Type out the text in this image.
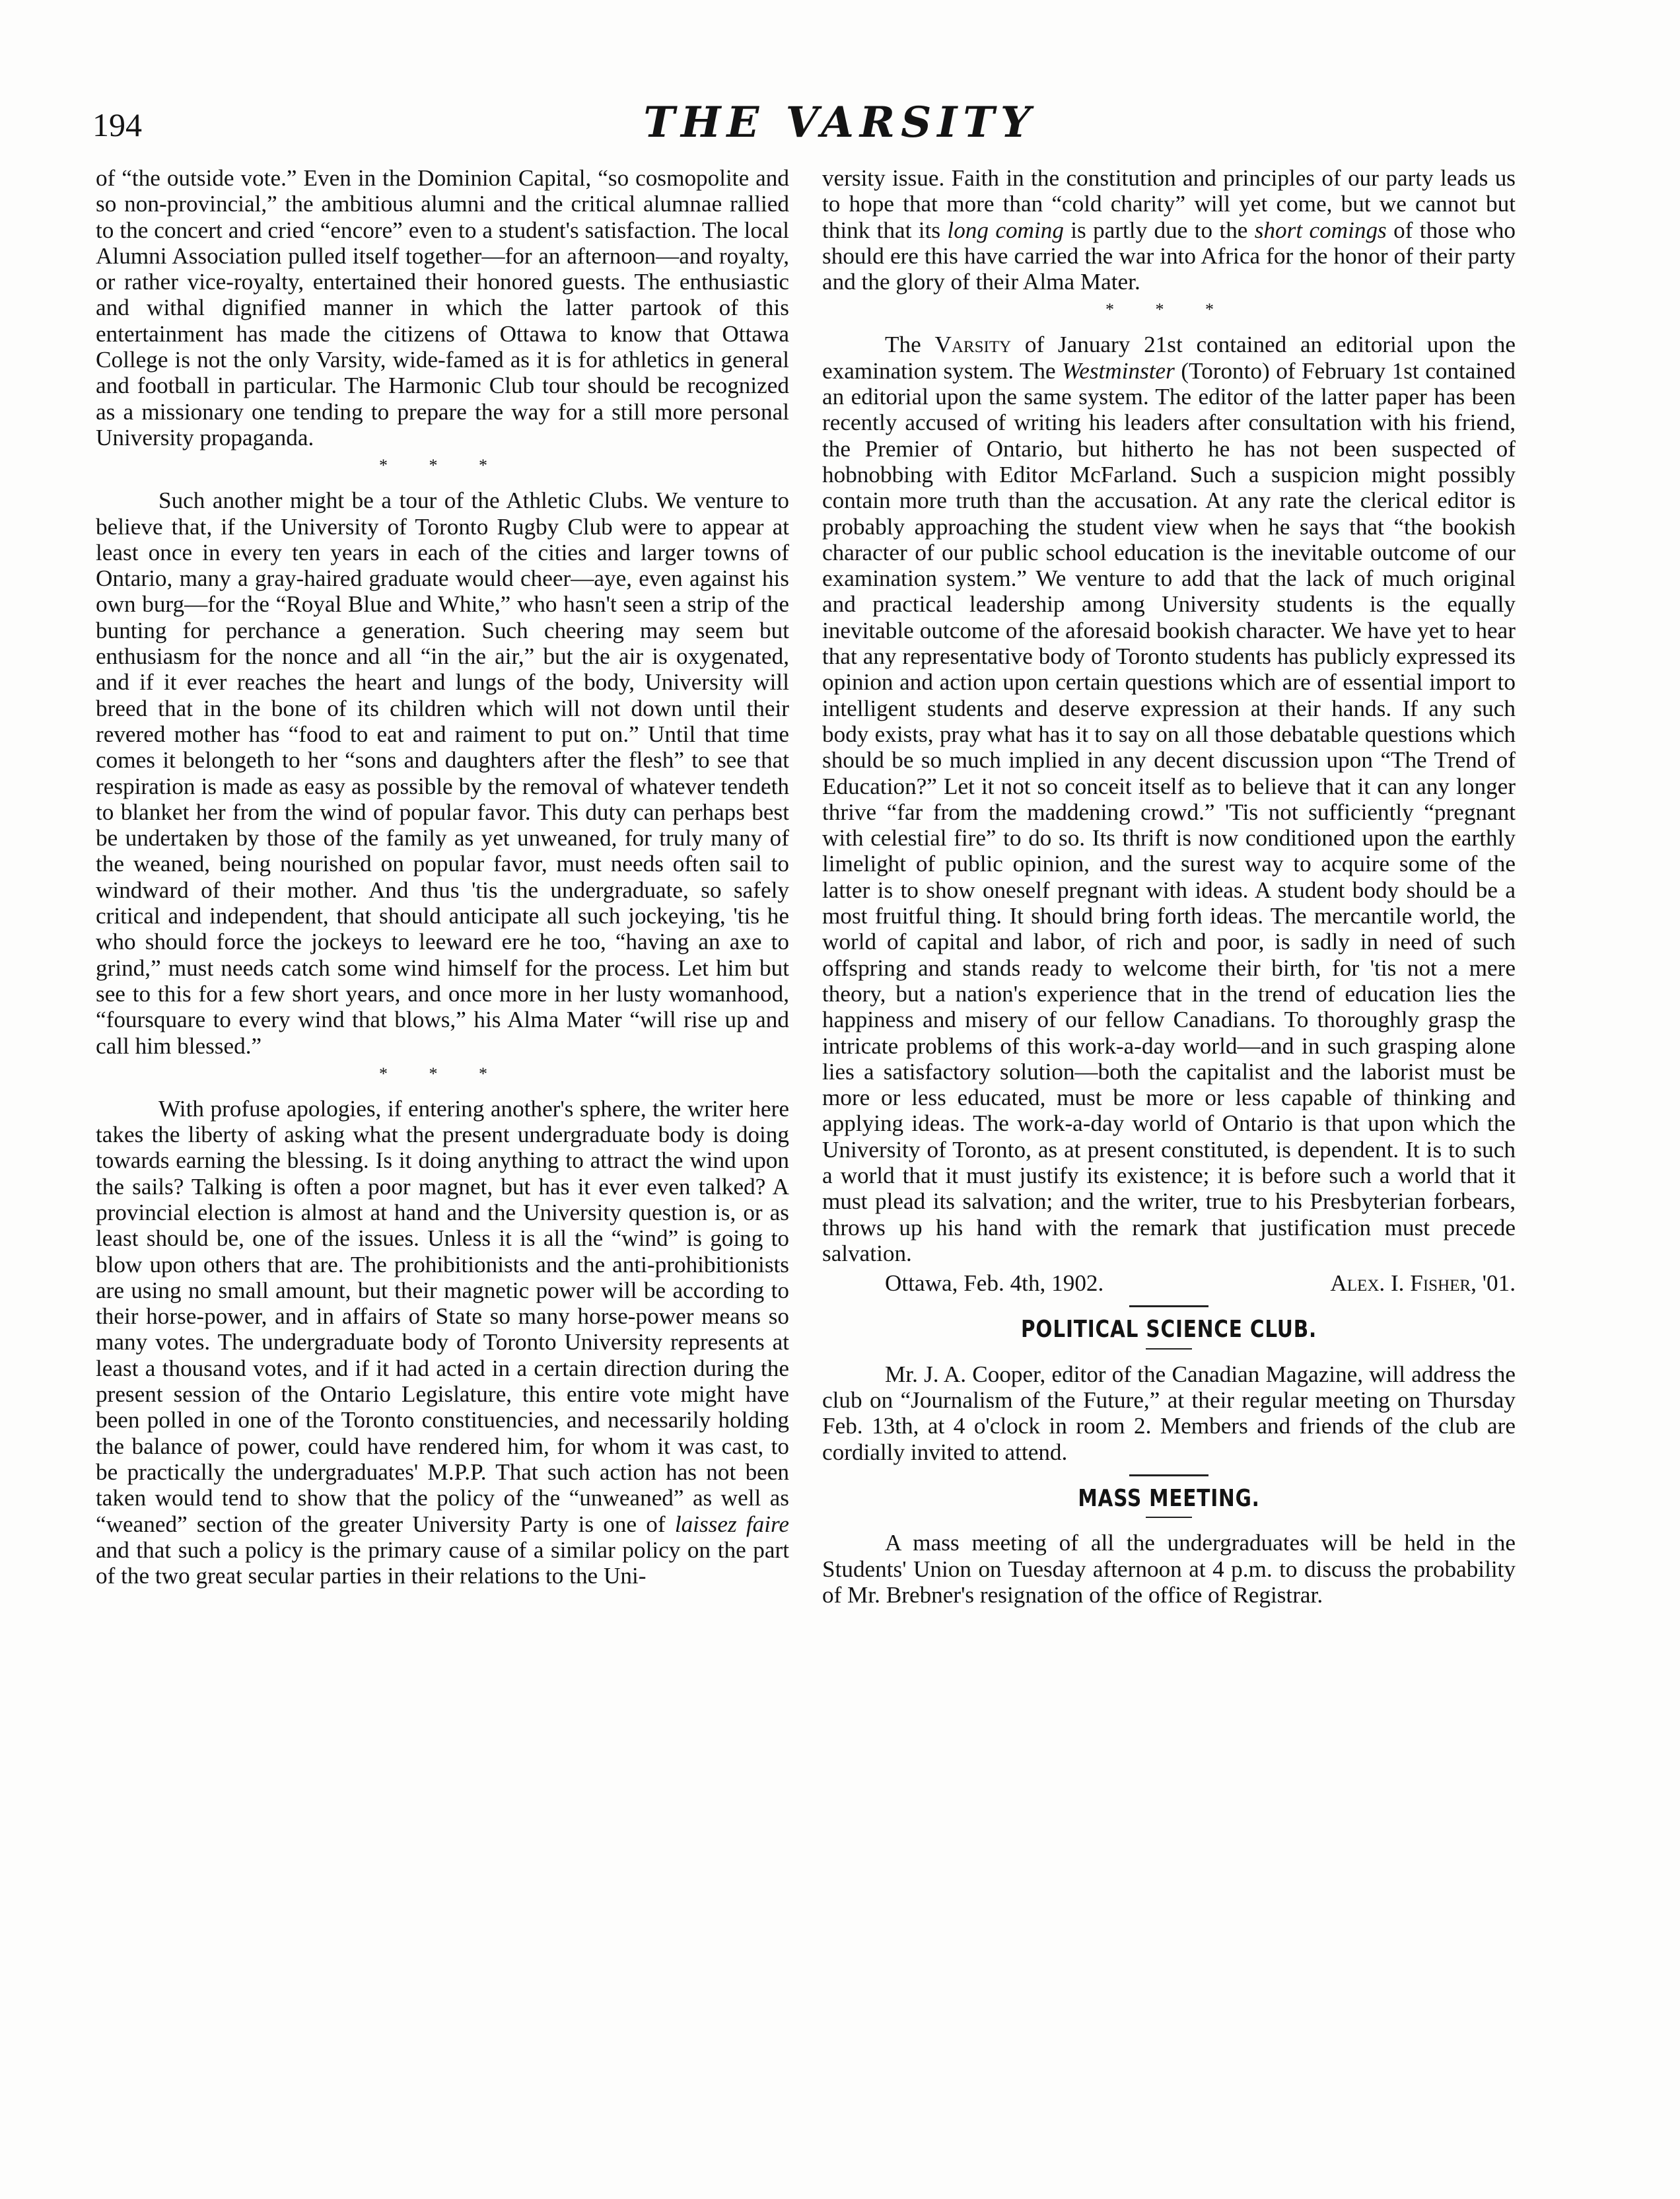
194	THE VARSITY

of “the outside vote.” Even in the Dominion Capital, “so cosmopolite and so non-provincial,” the ambitious alumni and the critical alumnae rallied to the concert and cried “encore” even to a student's satisfaction. The local Alumni Association pulled itself together—for an afternoon—and royalty, or rather vice-royalty, entertained their honored guests. The enthusiastic and withal dignified manner in which the latter partook of this entertainment has made the citizens of Ottawa to know that Ottawa College is not the only Varsity, wide-famed as it is for athletics in general and football in particular. The Harmonic Club tour should be recognized as a missionary one tending to prepare the way for a still more personal University propaganda.

* * *

Such another might be a tour of the Athletic Clubs. We venture to believe that, if the University of Toronto Rugby Club were to appear at least once in every ten years in each of the cities and larger towns of Ontario, many a gray-haired graduate would cheer—aye, even against his own burg—for the “Royal Blue and White,” who hasn't seen a strip of the bunting for perchance a generation. Such cheering may seem but enthusiasm for the nonce and all “in the air,” but the air is oxygenated, and if it ever reaches the heart and lungs of the body, University will breed that in the bone of its children which will not down until their revered mother has “food to eat and raiment to put on.” Until that time comes it belongeth to her “sons and daughters after the flesh” to see that respiration is made as easy as possible by the removal of whatever tendeth to blanket her from the wind of popular favor. This duty can perhaps best be undertaken by those of the family as yet unweaned, for truly many of the weaned, being nourished on popular favor, must needs often sail to windward of their mother. And thus 'tis the undergraduate, so safely critical and independent, that should anticipate all such jockeying, 'tis he who should force the jockeys to leeward ere he too, “having an axe to grind,” must needs catch some wind himself for the process. Let him but see to this for a few short years, and once more in her lusty womanhood, “foursquare to every wind that blows,” his Alma Mater “will rise up and call him blessed.”

* * *

With profuse apologies, if entering another's sphere, the writer here takes the liberty of asking what the present undergraduate body is doing towards earning the blessing. Is it doing anything to attract the wind upon the sails? Talking is often a poor magnet, but has it ever even talked? A provincial election is almost at hand and the University question is, or as least should be, one of the issues. Unless it is all the “wind” is going to blow upon others that are. The prohibitionists and the anti-prohibitionists are using no small amount, but their magnetic power will be according to their horse-power, and in affairs of State so many horse-power means so many votes. The undergraduate body of Toronto University represents at least a thousand votes, and if it had acted in a certain direction during the present session of the Ontario Legislature, this entire vote might have been polled in one of the Toronto constituencies, and necessarily holding the balance of power, could have rendered him, for whom it was cast, to be practically the undergraduates' M.P.P. That such action has not been taken would tend to show that the policy of the “unweaned” as well as “weaned” section of the greater University Party is one of laissez faire and that such a policy is the primary cause of a similar policy on the part of the two great secular parties in their relations to the Uni-

versity issue. Faith in the constitution and principles of our party leads us to hope that more than “cold charity” will yet come, but we cannot but think that its long coming is partly due to the short comings of those who should ere this have carried the war into Africa for the honor of their party and the glory of their Alma Mater.

* * *

The Varsity of January 21st contained an editorial upon the examination system. The Westminster (Toronto) of February 1st contained an editorial upon the same system. The editor of the latter paper has been recently accused of writing his leaders after consultation with his friend, the Premier of Ontario, but hitherto he has not been suspected of hobnobbing with Editor McFarland. Such a suspicion might possibly contain more truth than the accusation. At any rate the clerical editor is probably approaching the student view when he says that “the bookish character of our public school education is the inevitable outcome of our examination system.” We venture to add that the lack of much original and practical leadership among University students is the equally inevitable outcome of the aforesaid bookish character. We have yet to hear that any representative body of Toronto students has publicly expressed its opinion and action upon certain questions which are of essential import to intelligent students and deserve expression at their hands. If any such body exists, pray what has it to say on all those debatable questions which should be so much implied in any decent discussion upon “The Trend of Education?” Let it not so conceit itself as to believe that it can any longer thrive “far from the maddening crowd.” 'Tis not sufficiently “pregnant with celestial fire” to do so. Its thrift is now conditioned upon the earthly limelight of public opinion, and the surest way to acquire some of the latter is to show oneself pregnant with ideas. A student body should be a most fruitful thing. It should bring forth ideas. The mercantile world, the world of capital and labor, of rich and poor, is sadly in need of such offspring and stands ready to welcome their birth, for 'tis not a mere theory, but a nation's experience that in the trend of education lies the happiness and misery of our fellow Canadians. To thoroughly grasp the intricate problems of this work-a-day world—and in such grasping alone lies a satisfactory solution—both the capitalist and the laborist must be more or less educated, must be more or less capable of thinking and applying ideas. The work-a-day world of Ontario is that upon which the University of Toronto, as at present constituted, is dependent. It is to such a world that it must justify its existence; it is before such a world that it must plead its salvation; and the writer, true to his Presbyterian forbears, throws up his hand with the remark that justification must precede salvation.

Ottawa, Feb. 4th, 1902.	Alex. I. Fisher, '01.
POLITICAL SCIENCE CLUB.

Mr. J. A. Cooper, editor of the Canadian Magazine, will address the club on “Journalism of the Future,” at their regular meeting on Thursday Feb. 13th, at 4 o'clock in room 2. Members and friends of the club are cordially invited to attend.

MASS MEETING.

A mass meeting of all the undergraduates will be held in the Students' Union on Tuesday afternoon at 4 p.m. to discuss the probability of Mr. Brebner's resignation of the office of Registrar.
